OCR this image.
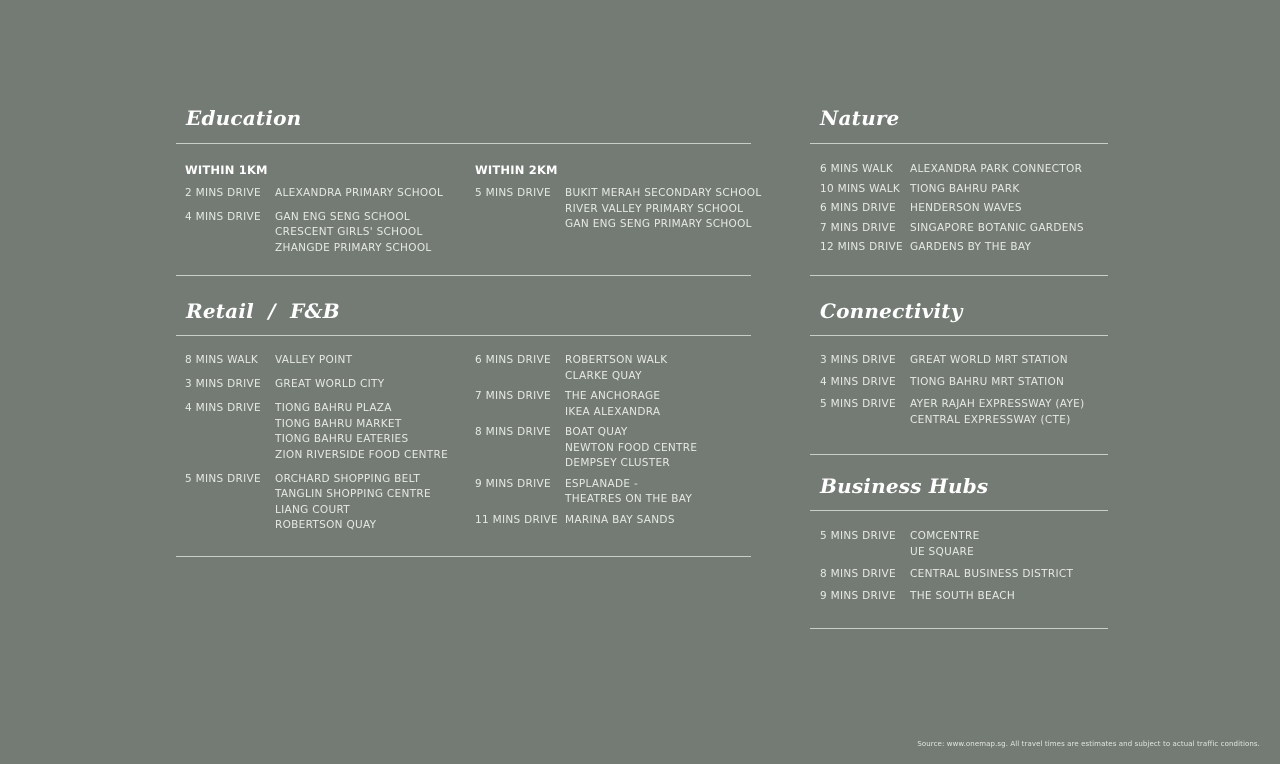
Education
WITHIN 1KM
2 MINS DRIVE	ALEXANDRA PRIMARY SCHOOL
4 MINS DRIVE	GAN ENG SENG SCHOOL
CRESCENT GIRLS' SCHOOL
ZHANGDE PRIMARY SCHOOL
WITHIN 2KM
5 MINS DRIVE	BUKIT MERAH SECONDARY SCHOOL
RIVER VALLEY PRIMARY SCHOOL
GAN ENG SENG PRIMARY SCHOOL
Retail  /  F&B
8 MINS WALK	VALLEY POINT
3 MINS DRIVE	GREAT WORLD CITY
4 MINS DRIVE	TIONG BAHRU PLAZA
TIONG BAHRU MARKET
TIONG BAHRU EATERIES
ZION RIVERSIDE FOOD CENTRE
5 MINS DRIVE	ORCHARD SHOPPING BELT
TANGLIN SHOPPING CENTRE
LIANG COURT
ROBERTSON QUAY
6 MINS DRIVE	ROBERTSON WALK
CLARKE QUAY
7 MINS DRIVE	THE ANCHORAGE
IKEA ALEXANDRA
8 MINS DRIVE	BOAT QUAY
NEWTON FOOD CENTRE
DEMPSEY CLUSTER
9 MINS DRIVE	ESPLANADE -
THEATRES ON THE BAY
11 MINS DRIVE MARINA BAY SANDS
Nature
6 MINS WALK	ALEXANDRA PARK CONNECTOR
10 MINS WALK TIONG BAHRU PARK
6 MINS DRIVE	HENDERSON WAVES
7 MINS DRIVE	SINGAPORE BOTANIC GARDENS
12 MINS DRIVE GARDENS BY THE BAY
Connectivity
3 MINS DRIVE	GREAT WORLD MRT STATION
4 MINS DRIVE	TIONG BAHRU MRT STATION
5 MINS DRIVE	AYER RAJAH EXPRESSWAY (AYE)
CENTRAL EXPRESSWAY (CTE)
Business Hubs
5 MINS DRIVE	COMCENTRE
UE SQUARE
8 MINS DRIVE	CENTRAL BUSINESS DISTRICT
9 MINS DRIVE	THE SOUTH BEACH
Source: www.onemap.sg. All travel times are estimates and subject to actual traffic conditions.
